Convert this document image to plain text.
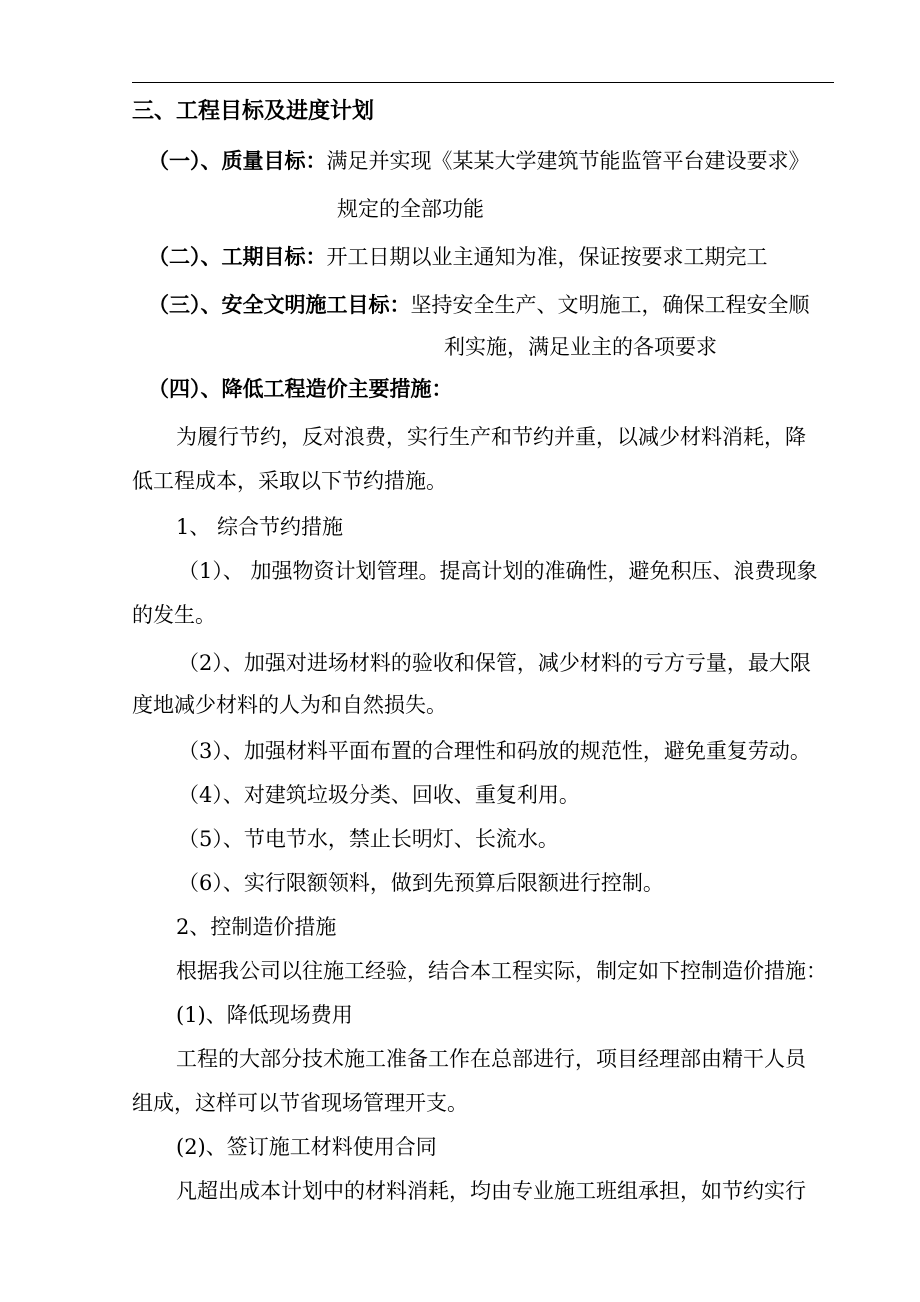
三、工程目标及进度计划
（一）、质量目标：满足并实现《某某大学建筑节能监管平台建设要求》
规定的全部功能
（二）、工期目标：开工日期以业主通知为准，保证按要求工期完工
（三）、安全文明施工目标：坚持安全生产、文明施工，确保工程安全顺
利实施，满足业主的各项要求
（四）、降低工程造价主要措施：
为履行节约，反对浪费，实行生产和节约并重，以减少材料消耗，降
低工程成本，采取以下节约措施。
1、 综合节约措施
（1）、 加强物资计划管理。提高计划的准确性，避免积压、浪费现象
的发生。
（2）、加强对进场材料的验收和保管，减少材料的亏方亏量，最大限
度地减少材料的人为和自然损失。
（3）、加强材料平面布置的合理性和码放的规范性，避免重复劳动。
（4）、对建筑垃圾分类、回收、重复利用。
（5）、节电节水，禁止长明灯、长流水。
（6）、实行限额领料，做到先预算后限额进行控制。
2、控制造价措施
根据我公司以往施工经验，结合本工程实际，制定如下控制造价措施：
(1)、降低现场费用
工程的大部分技术施工准备工作在总部进行，项目经理部由精干人员
组成，这样可以节省现场管理开支。
(2)、签订施工材料使用合同
凡超出成本计划中的材料消耗，均由专业施工班组承担，如节约实行
